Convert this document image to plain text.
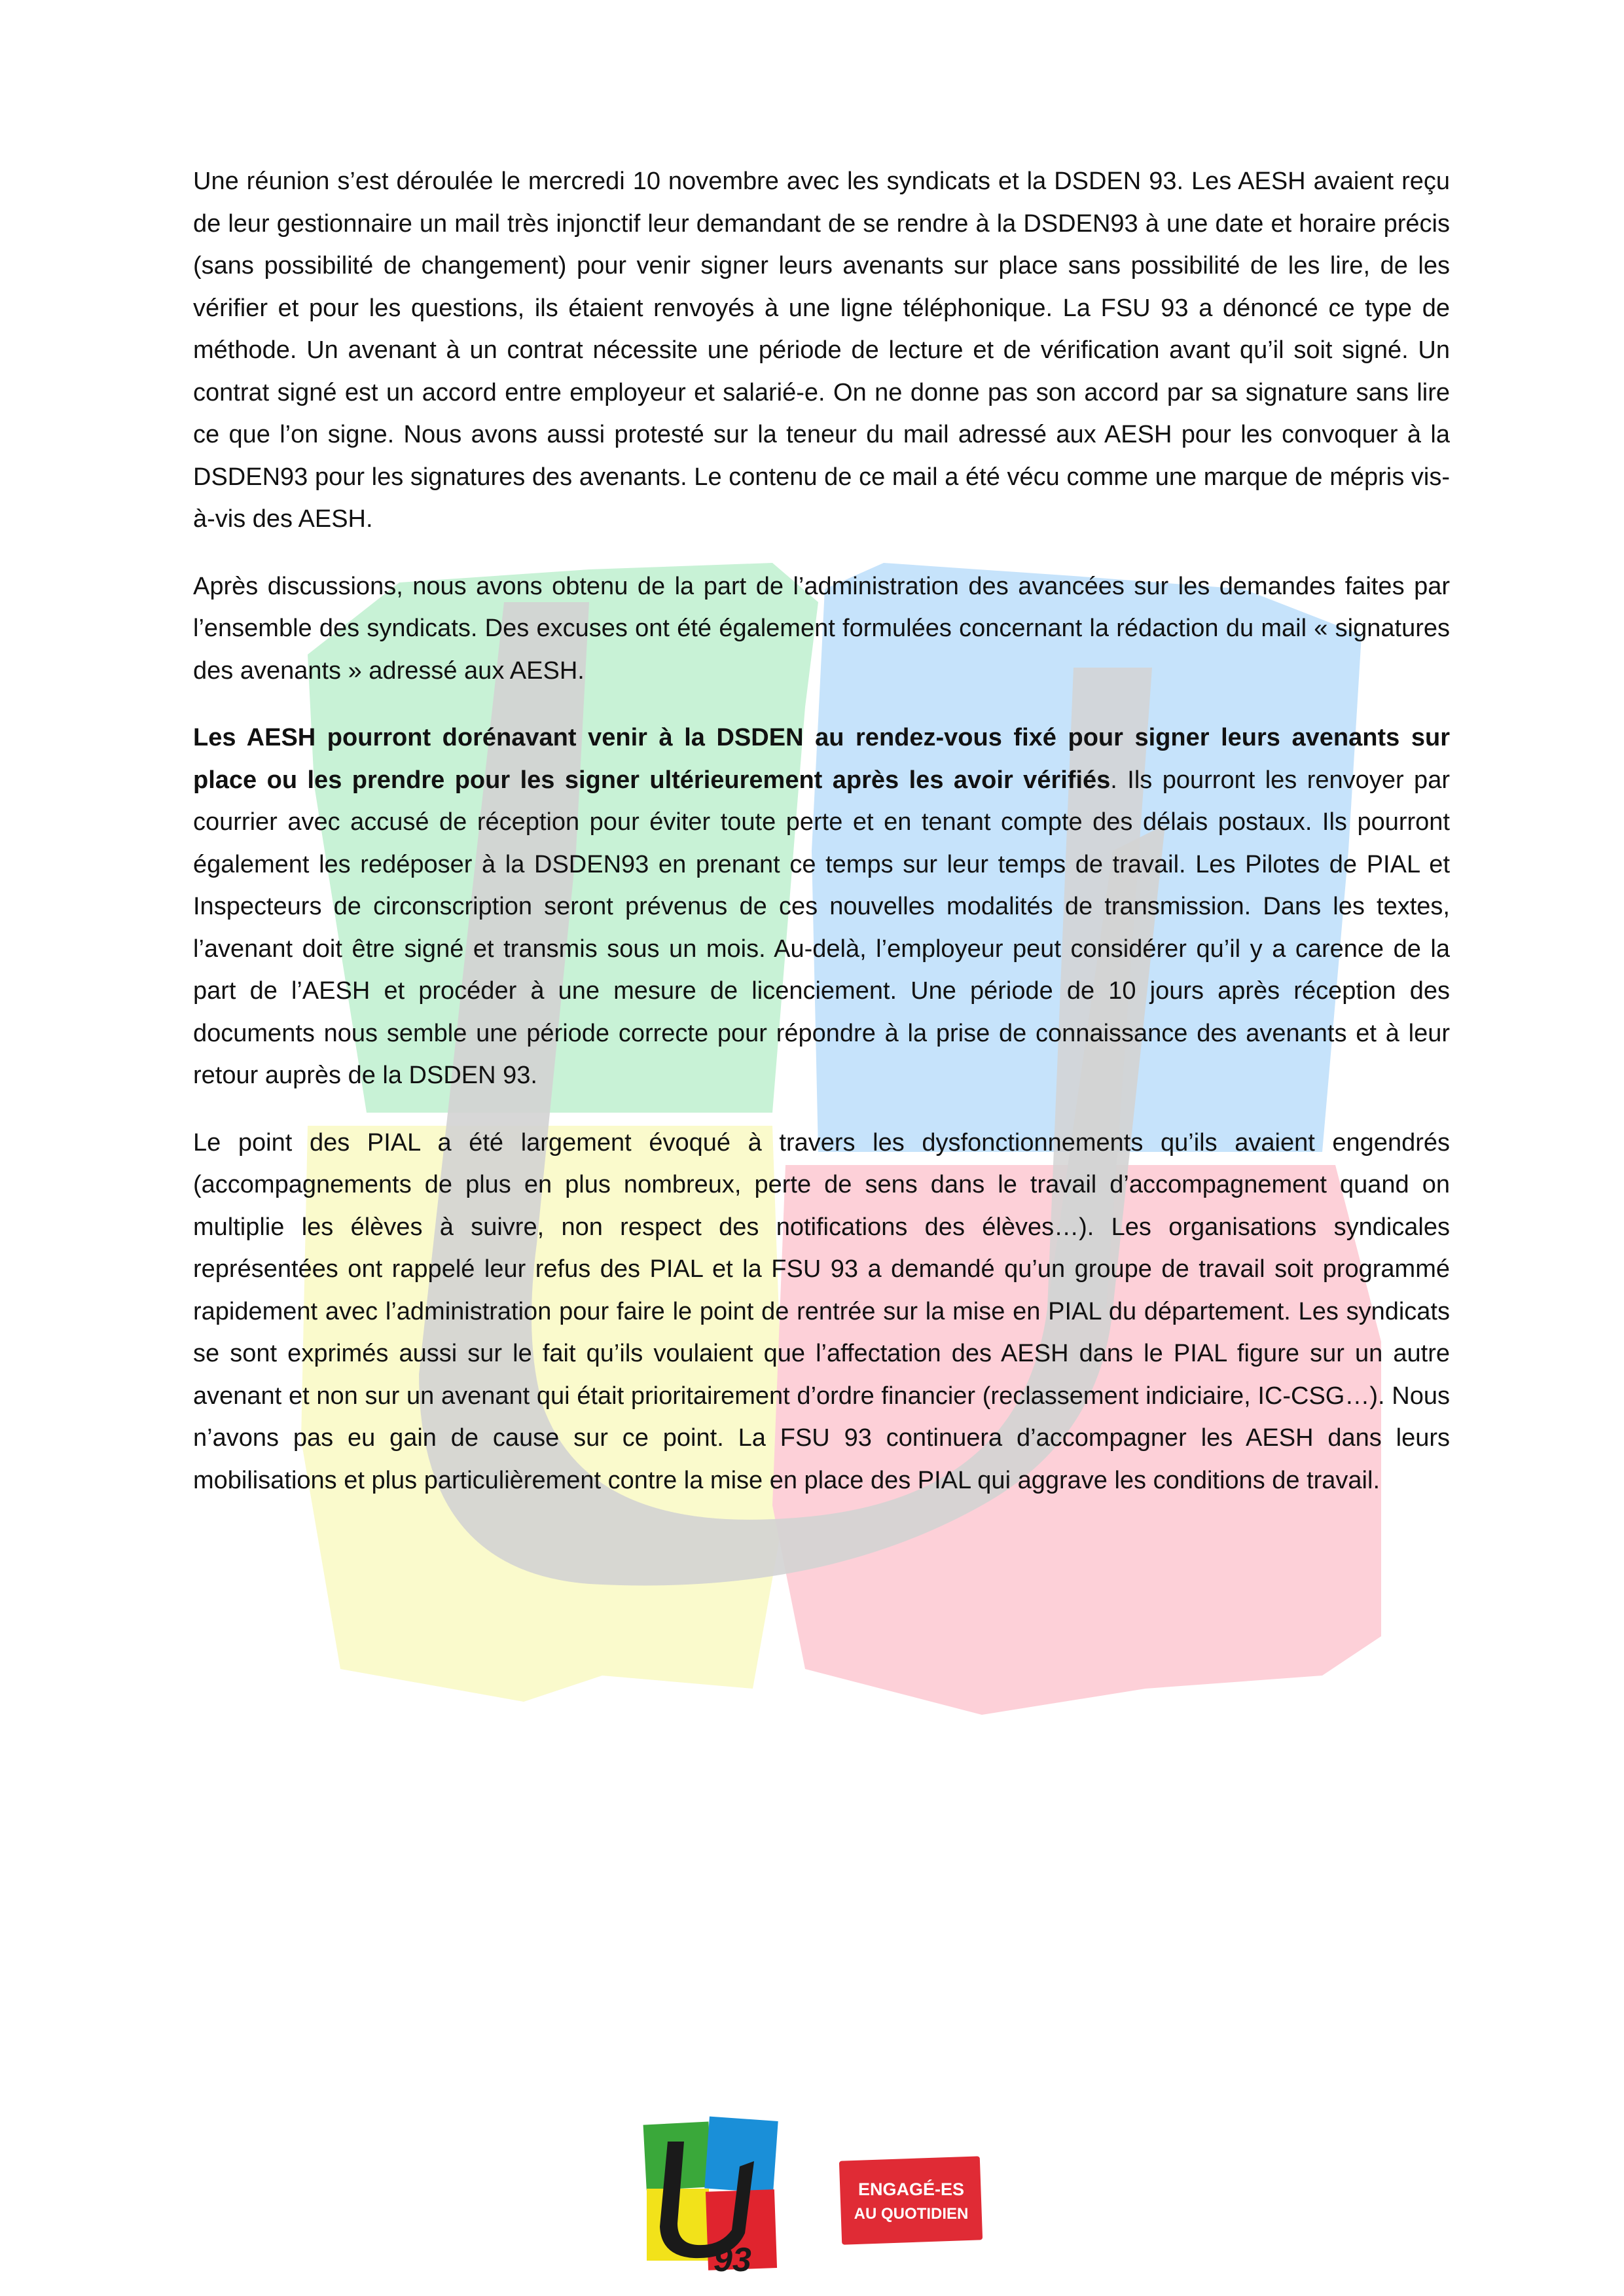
Une réunion s’est déroulée le mercredi 10 novembre avec les syndicats et la DSDEN 93. Les AESH avaient reçu de leur gestionnaire un mail très injonctif leur demandant de se rendre à la DSDEN93 à une date et horaire précis (sans possibilité de changement) pour venir signer leurs avenants sur place sans possibilité de les lire, de les vérifier et pour les questions, ils étaient renvoyés à une ligne téléphonique. La FSU 93 a dénoncé ce type de méthode. Un avenant à un contrat nécessite une période de lecture et de vérification avant qu’il soit signé. Un contrat signé est un accord entre employeur et salarié-e. On ne donne pas son accord par sa signature sans lire ce que l’on signe. Nous avons aussi protesté sur la teneur du mail adressé aux AESH pour les convoquer à la DSDEN93 pour les signatures des avenants. Le contenu de ce mail a été vécu comme une marque de mépris vis-à-vis des AESH.

Après discussions, nous avons obtenu de la part de l’administration des avancées sur les demandes faites par l’ensemble des syndicats. Des excuses ont été également formulées concernant la rédaction du mail « signatures des avenants » adressé aux AESH.

Les AESH pourront dorénavant venir à la DSDEN au rendez-vous fixé pour signer leurs avenants sur place ou les prendre pour les signer ultérieurement après les avoir vérifiés. Ils pourront les renvoyer par courrier avec accusé de réception pour éviter toute perte et en tenant compte des délais postaux. Ils pourront également les redéposer à la DSDEN93 en prenant ce temps sur leur temps de travail. Les Pilotes de PIAL et Inspecteurs de circonscription seront prévenus de ces nouvelles modalités de transmission. Dans les textes, l’avenant doit être signé et transmis sous un mois. Au-delà, l’employeur peut considérer qu’il y a carence de la part de l’AESH et procéder à une mesure de licenciement. Une période de 10 jours après réception des documents nous semble une période correcte pour répondre à la prise de connaissance des avenants et à leur retour auprès de la DSDEN 93.

Le point des PIAL a été largement évoqué à travers les dysfonctionnements qu’ils avaient engendrés (accompagnements de plus en plus nombreux, perte de sens dans le travail d’accompagnement quand on multiplie les élèves à suivre, non respect des notifications des élèves…). Les organisations syndicales représentées ont rappelé leur refus des PIAL et la FSU 93 a demandé qu’un groupe de travail soit programmé rapidement avec l’administration pour faire le point de rentrée sur la mise en PIAL du département. Les syndicats se sont exprimés aussi sur le fait qu’ils voulaient que l’affectation des AESH dans le PIAL figure sur un autre avenant et non sur un avenant qui était prioritairement d’ordre financier (reclassement indiciaire, IC-CSG…). Nous n’avons pas eu gain de cause sur ce point. La FSU 93 continuera d’accompagner les AESH dans leurs mobilisations et plus particulièrement contre la mise en place des PIAL qui aggrave les conditions de travail.

93
ENGAGÉ-ES
AU QUOTIDIEN
